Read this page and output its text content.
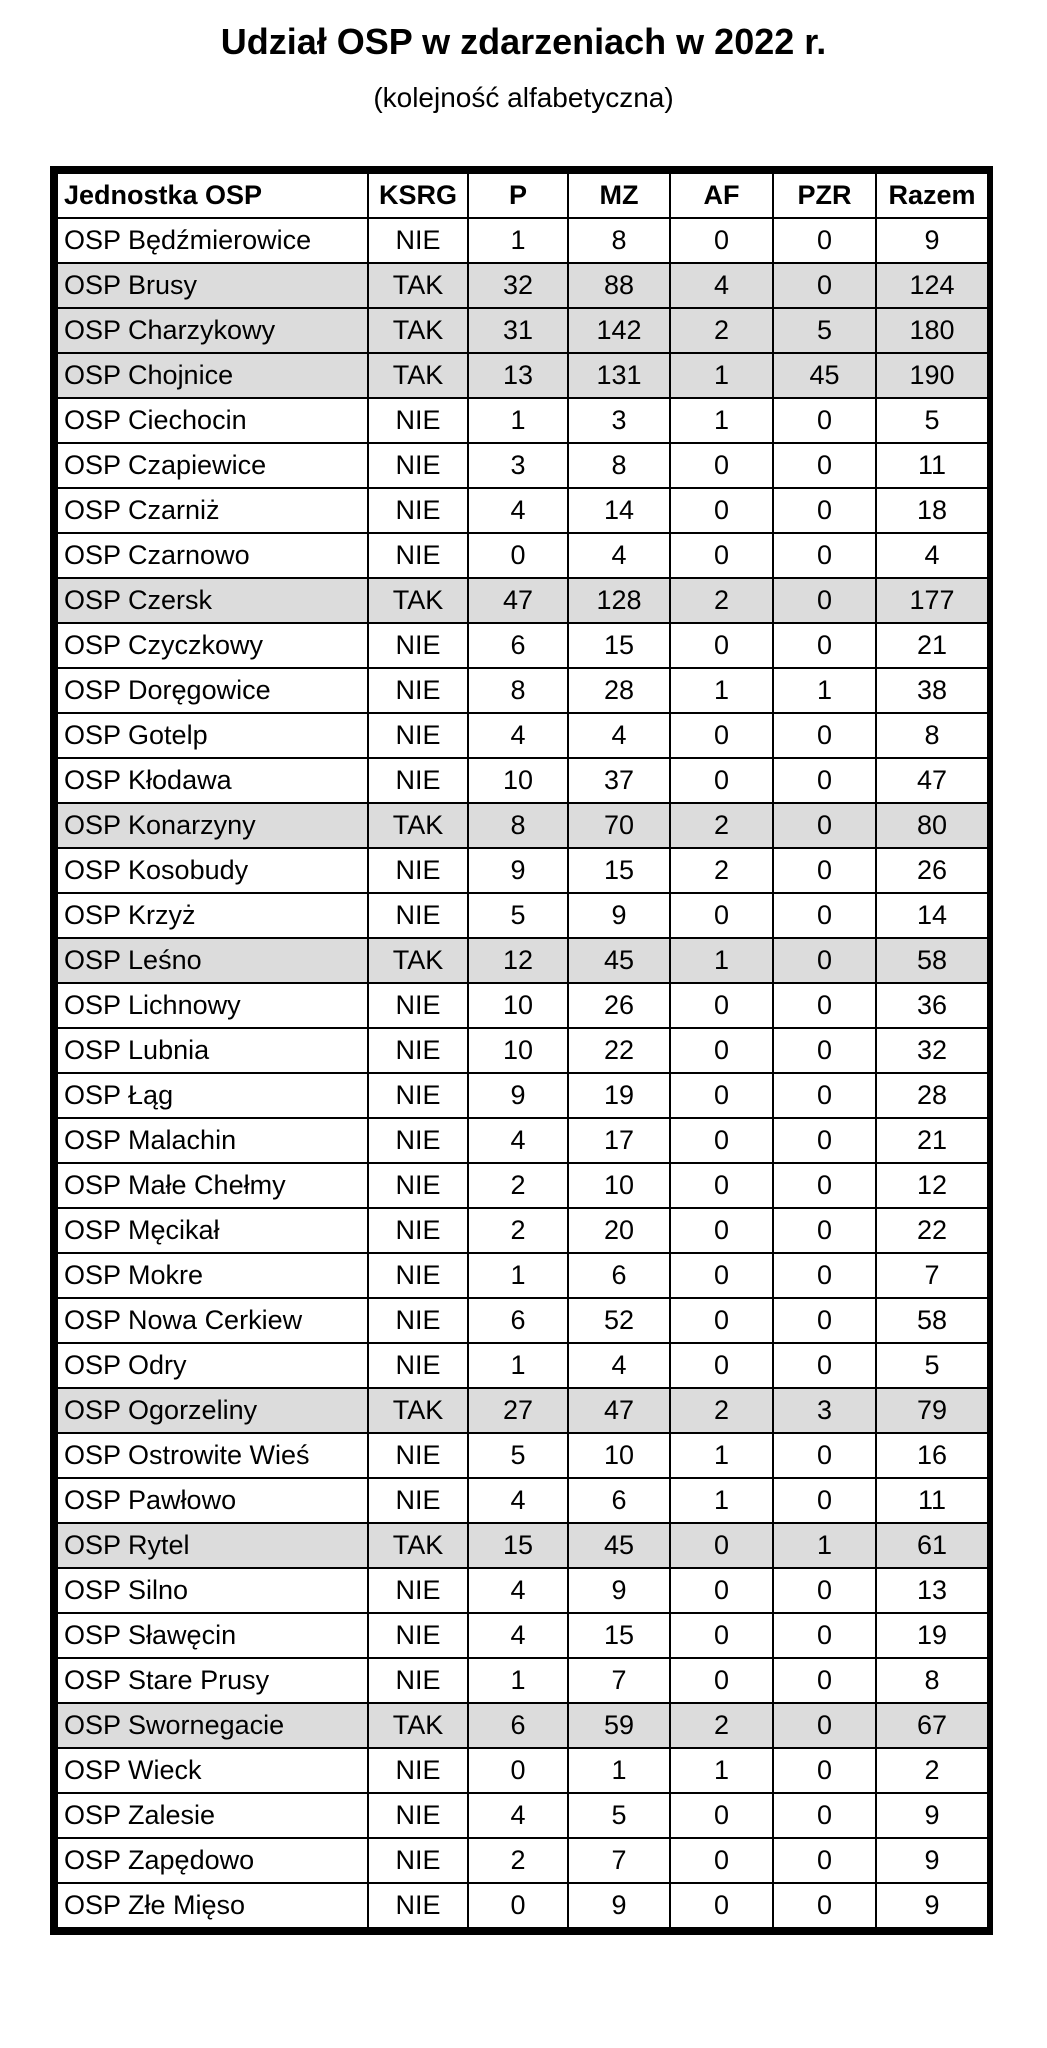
Udział OSP w zdarzeniach w 2022 r.
(kolejność alfabetyczna)
Jednostka OSP	KSRG	P	MZ	AF	PZR	Razem
OSP Będźmierowice	NIE	1	8	0	0	9
OSP Brusy	TAK	32	88	4	0	124
OSP Charzykowy	TAK	31	142	2	5	180
OSP Chojnice	TAK	13	131	1	45	190
OSP Ciechocin	NIE	1	3	1	0	5
OSP Czapiewice	NIE	3	8	0	0	11
OSP Czarniż	NIE	4	14	0	0	18
OSP Czarnowo	NIE	0	4	0	0	4
OSP Czersk	TAK	47	128	2	0	177
OSP Czyczkowy	NIE	6	15	0	0	21
OSP Doręgowice	NIE	8	28	1	1	38
OSP Gotelp	NIE	4	4	0	0	8
OSP Kłodawa	NIE	10	37	0	0	47
OSP Konarzyny	TAK	8	70	2	0	80
OSP Kosobudy	NIE	9	15	2	0	26
OSP Krzyż	NIE	5	9	0	0	14
OSP Leśno	TAK	12	45	1	0	58
OSP Lichnowy	NIE	10	26	0	0	36
OSP Lubnia	NIE	10	22	0	0	32
OSP Łąg	NIE	9	19	0	0	28
OSP Malachin	NIE	4	17	0	0	21
OSP Małe Chełmy	NIE	2	10	0	0	12
OSP Męcikał	NIE	2	20	0	0	22
OSP Mokre	NIE	1	6	0	0	7
OSP Nowa Cerkiew	NIE	6	52	0	0	58
OSP Odry	NIE	1	4	0	0	5
OSP Ogorzeliny	TAK	27	47	2	3	79
OSP Ostrowite Wieś	NIE	5	10	1	0	16
OSP Pawłowo	NIE	4	6	1	0	11
OSP Rytel	TAK	15	45	0	1	61
OSP Silno	NIE	4	9	0	0	13
OSP Sławęcin	NIE	4	15	0	0	19
OSP Stare Prusy	NIE	1	7	0	0	8
OSP Swornegacie	TAK	6	59	2	0	67
OSP Wieck	NIE	0	1	1	0	2
OSP Zalesie	NIE	4	5	0	0	9
OSP Zapędowo	NIE	2	7	0	0	9
OSP Złe Mięso	NIE	0	9	0	0	9
